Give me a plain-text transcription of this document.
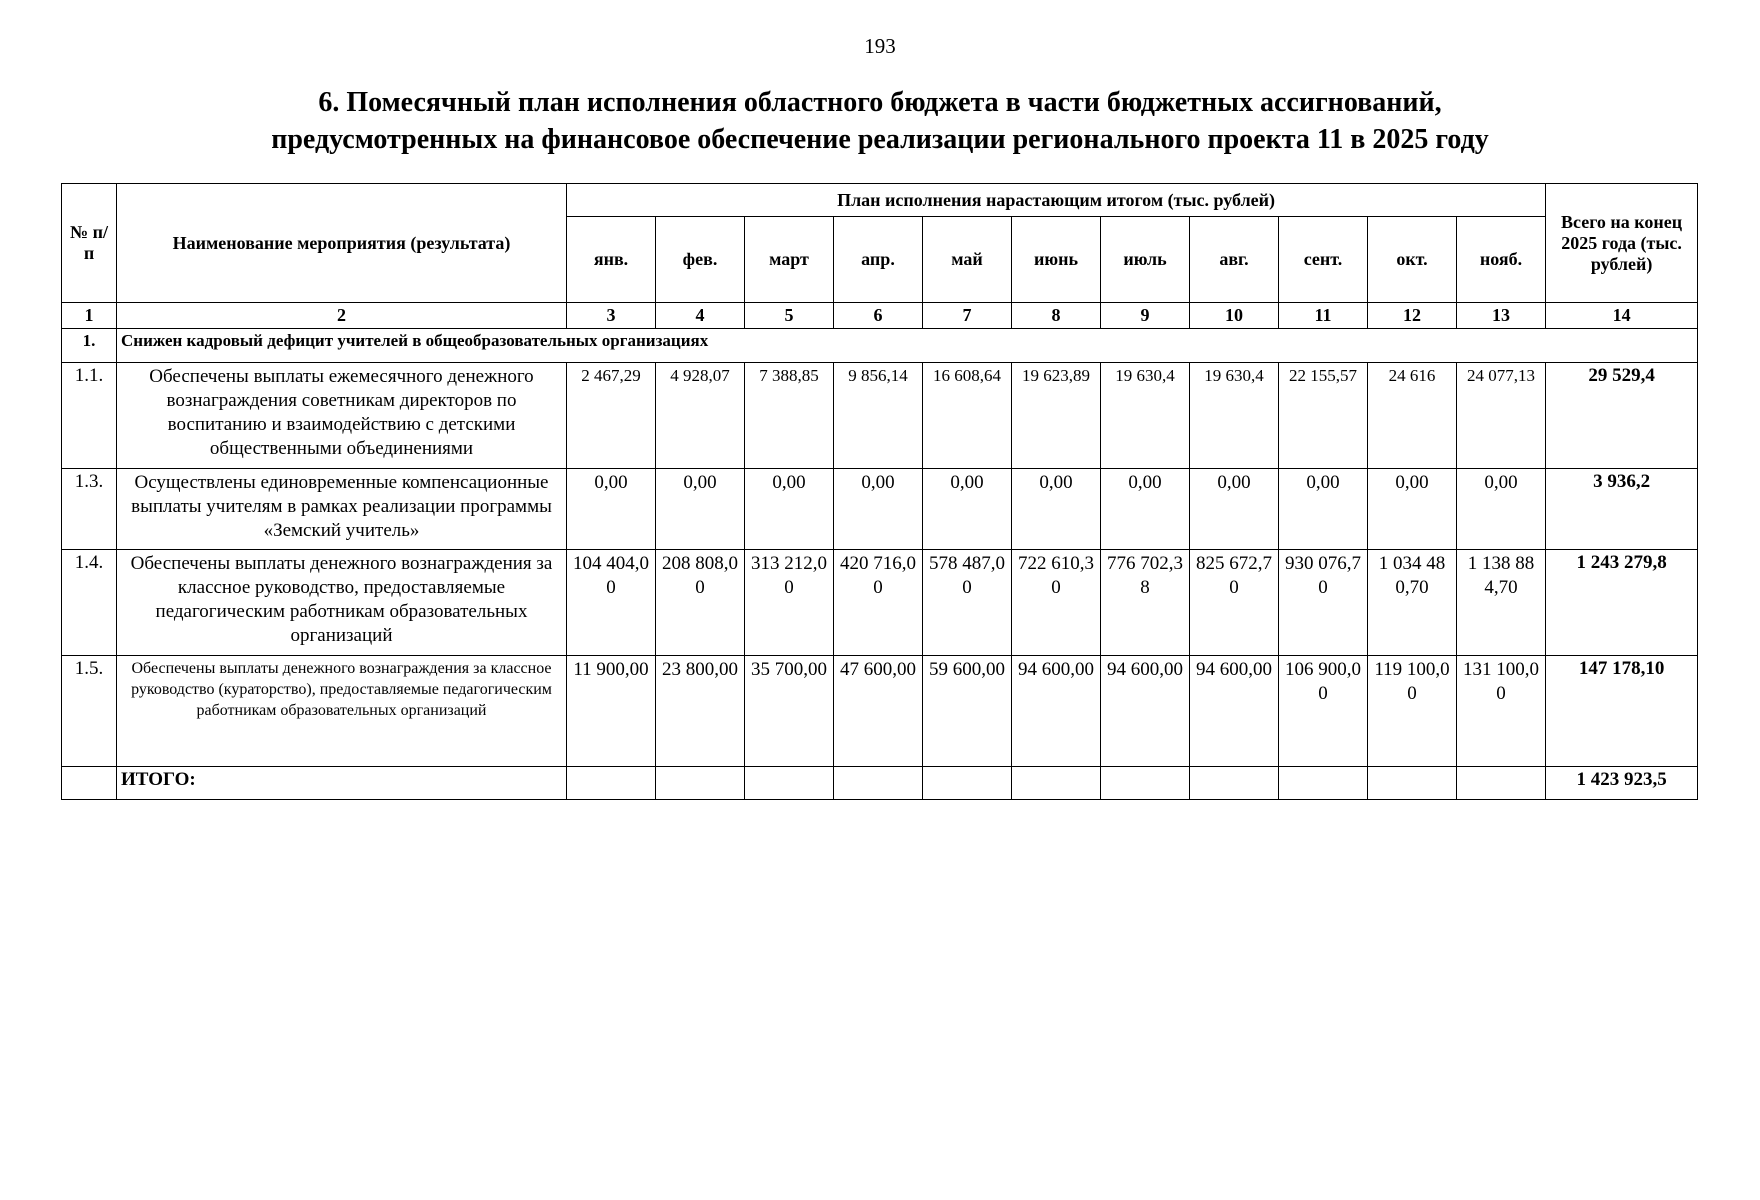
193
6. Помесячный план исполнения областного бюджета в части бюджетных ассигнований,
предусмотренных на финансовое обеспечение реализации регионального проекта 11 в 2025 году
№ п/п	Наименование мероприятия (результата)	План исполнения нарастающим итогом (тыс. рублей)											Всего на конец 2025 года (тыс. рублей)
		янв.	фев.	март	апр.	май	июнь	июль	авг.	сент.	окт.	нояб.	
1	2	3	4	5	6	7	8	9	10	11	12	13	14
1.	Снижен кадровый дефицит учителей в общеобразовательных организациях												
1.1.	Обеспечены выплаты ежемесячного денежного вознаграждения советникам директоров по воспитанию и взаимодействию с детскими общественными объединениями	2 467,29	4 928,07	7 388,85	9 856,14	16 608,64	19 623,89	19 630,4	19 630,4	22 155,57	24 616	24 077,13	29 529,4
1.3.	Осуществлены единовременные компенсационные выплаты учителям в рамках реализации программы «Земский учитель»	0,00	0,00	0,00	0,00	0,00	0,00	0,00	0,00	0,00	0,00	0,00	3 936,2
1.4.	Обеспечены выплаты денежного вознаграждения за классное руководство, предоставляемые педагогическим работникам образовательных организаций	104 404,00	208 808,00	313 212,00	420 716,00	578 487,00	722 610,30	776 702,38	825 672,70	930 076,70	1 034 480,70	1 138 884,70	1 243 279,8
1.5.	Обеспечены выплаты денежного вознаграждения за классное руководство (кураторство), предоставляемые педагогическим работникам образовательных организаций	11 900,00	23 800,00	35 700,00	47 600,00	59 600,00	94 600,00	94 600,00	94 600,00	106 900,00	119 100,00	131 100,00	147 178,10
	ИТОГО:												1 423 923,5
